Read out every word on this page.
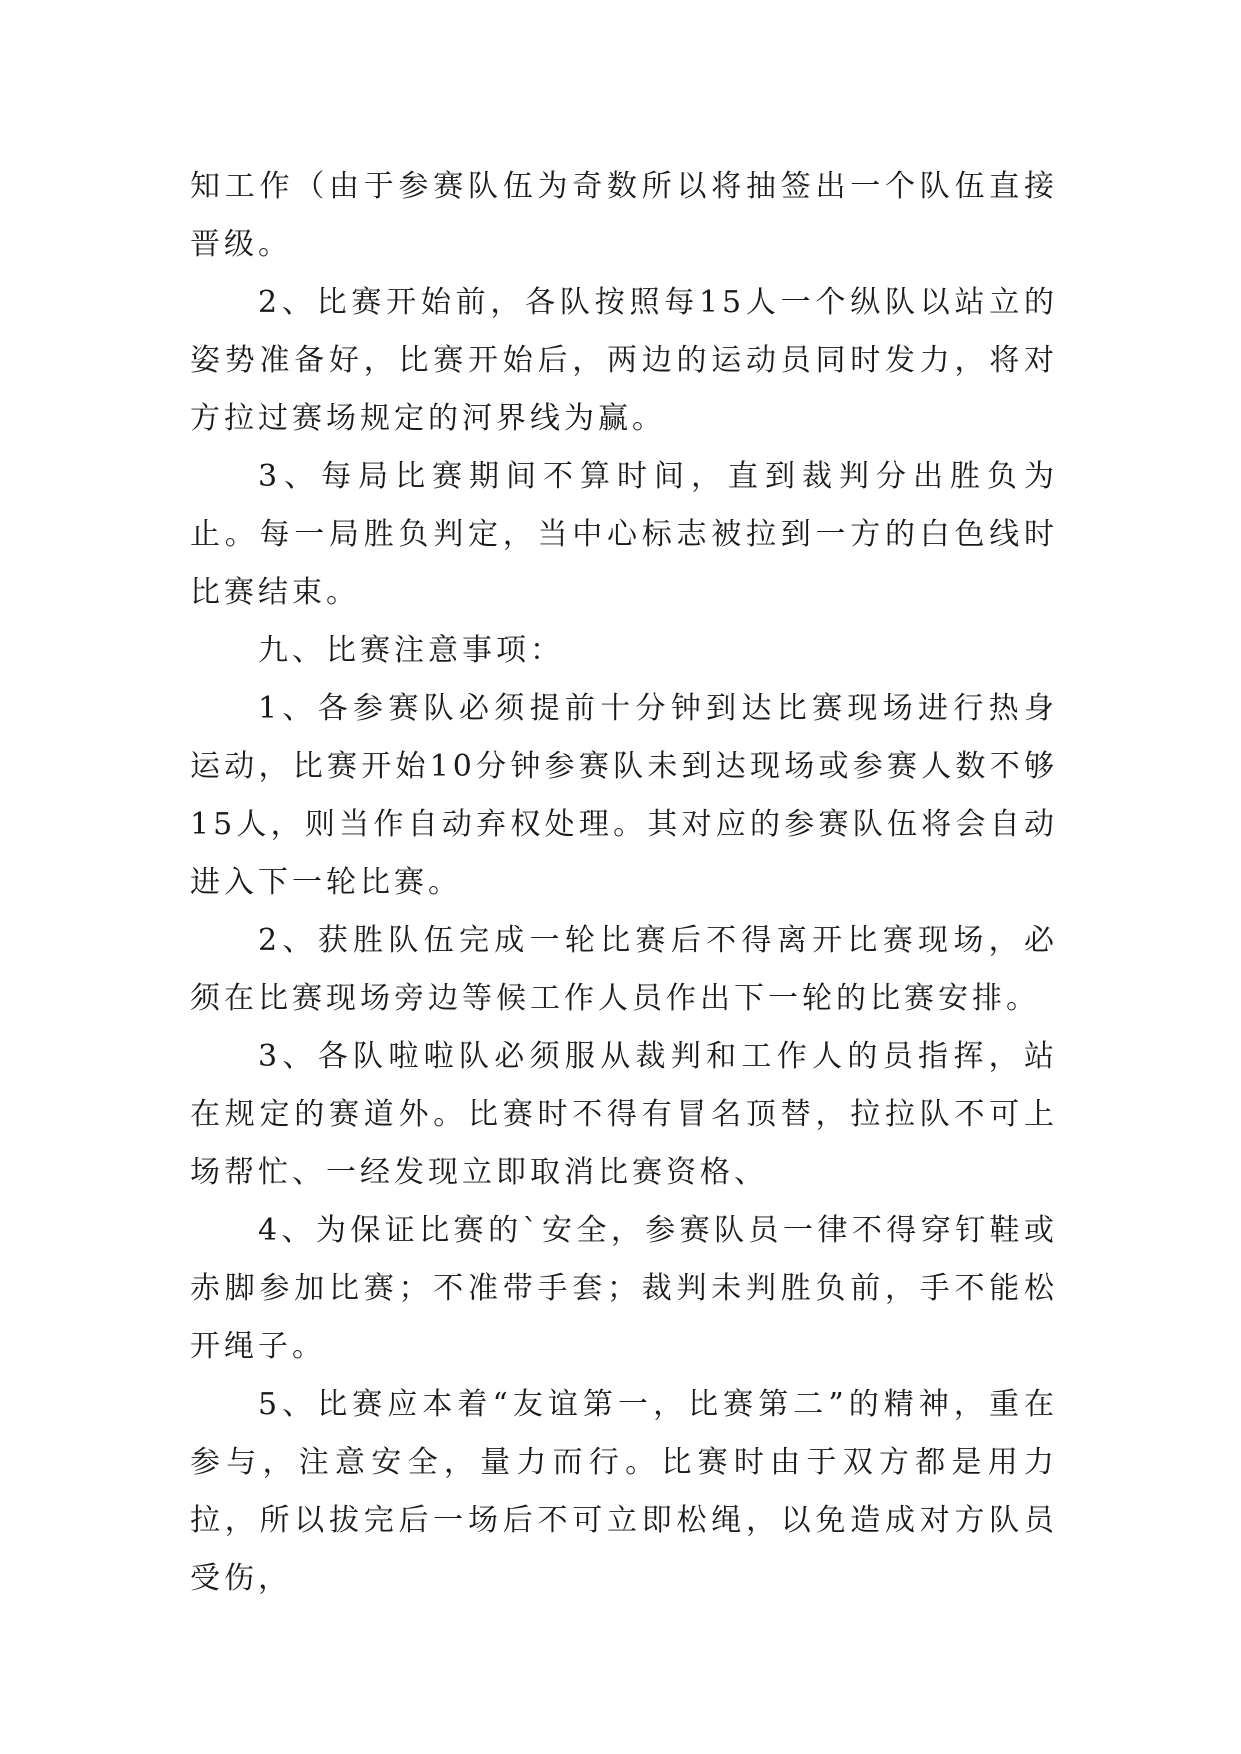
知工作（由于参赛队伍为奇数所以将抽签出一个队伍直接晋级。

2、比赛开始前，各队按照每15人一个纵队以站立的姿势准备好，比赛开始后，两边的运动员同时发力，将对方拉过赛场规定的河界线为赢。

3、每局比赛期间不算时间，直到裁判分出胜负为止。每一局胜负判定，当中心标志被拉到一方的白色线时比赛结束。

九、比赛注意事项：

1、各参赛队必须提前十分钟到达比赛现场进行热身运动，比赛开始10分钟参赛队未到达现场或参赛人数不够15人，则当作自动弃权处理。其对应的参赛队伍将会自动进入下一轮比赛。

2、获胜队伍完成一轮比赛后不得离开比赛现场，必须在比赛现场旁边等候工作人员作出下一轮的比赛安排。

3、各队啦啦队必须服从裁判和工作人的员指挥，站在规定的赛道外。比赛时不得有冒名顶替，拉拉队不可上场帮忙、一经发现立即取消比赛资格、

4、为保证比赛的`安全，参赛队员一律不得穿钉鞋或赤脚参加比赛；不准带手套；裁判未判胜负前，手不能松开绳子。

5、比赛应本着“友谊第一，比赛第二”的精神，重在参与，注意安全，量力而行。比赛时由于双方都是用力拉，所以拔完后一场后不可立即松绳，以免造成对方队员受伤，
